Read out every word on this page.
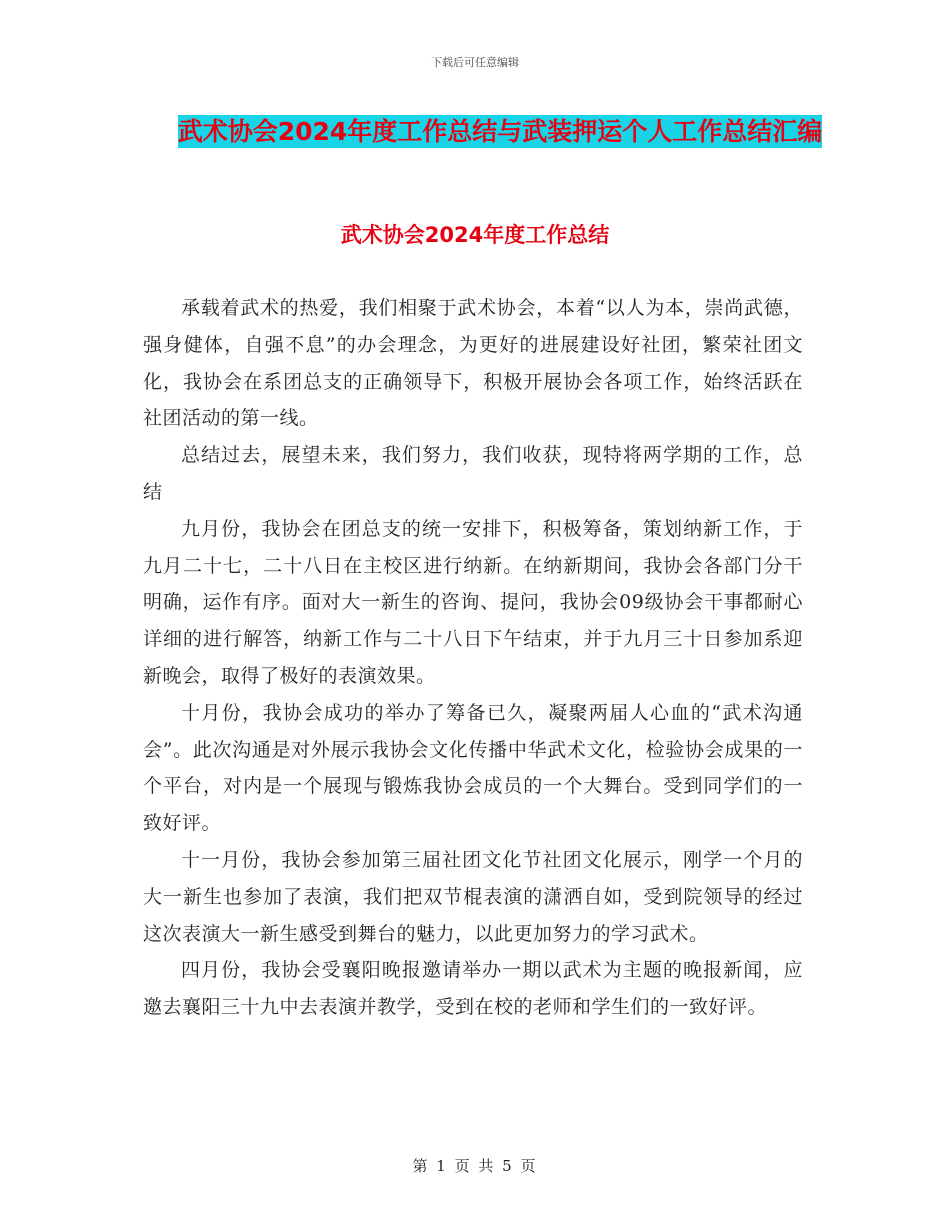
下载后可任意编辑
武术协会2024年度工作总结与武装押运个人工作总结汇编
武术协会2024年度工作总结

承载着武术的热爱，我们相聚于武术协会，本着“以人为本，崇尚武德，强身健体，自强不息”的办会理念，为更好的进展建设好社团，繁荣社团文化，我协会在系团总支的正确领导下，积极开展协会各项工作，始终活跃在社团活动的第一线。

总结过去，展望未来，我们努力，我们收获，现特将两学期的工作，总结

九月份，我协会在团总支的统一安排下，积极筹备，策划纳新工作，于九月二十七，二十八日在主校区进行纳新。在纳新期间，我协会各部门分干明确，运作有序。面对大一新生的咨询、提问，我协会09级协会干事都耐心详细的进行解答，纳新工作与二十八日下午结束，并于九月三十日参加系迎新晚会，取得了极好的表演效果。

十月份，我协会成功的举办了筹备已久，凝聚两届人心血的“武术沟通会”。此次沟通是对外展示我协会文化传播中华武术文化，检验协会成果的一个平台，对内是一个展现与锻炼我协会成员的一个大舞台。受到同学们的一致好评。

十一月份，我协会参加第三届社团文化节社团文化展示，刚学一个月的大一新生也参加了表演，我们把双节棍表演的潇洒自如，受到院领导的经过这次表演大一新生感受到舞台的魅力，以此更加努力的学习武术。

四月份，我协会受襄阳晚报邀请举办一期以武术为主题的晚报新闻，应邀去襄阳三十九中去表演并教学，受到在校的老师和学生们的一致好评。

第 1 页 共 5 页
